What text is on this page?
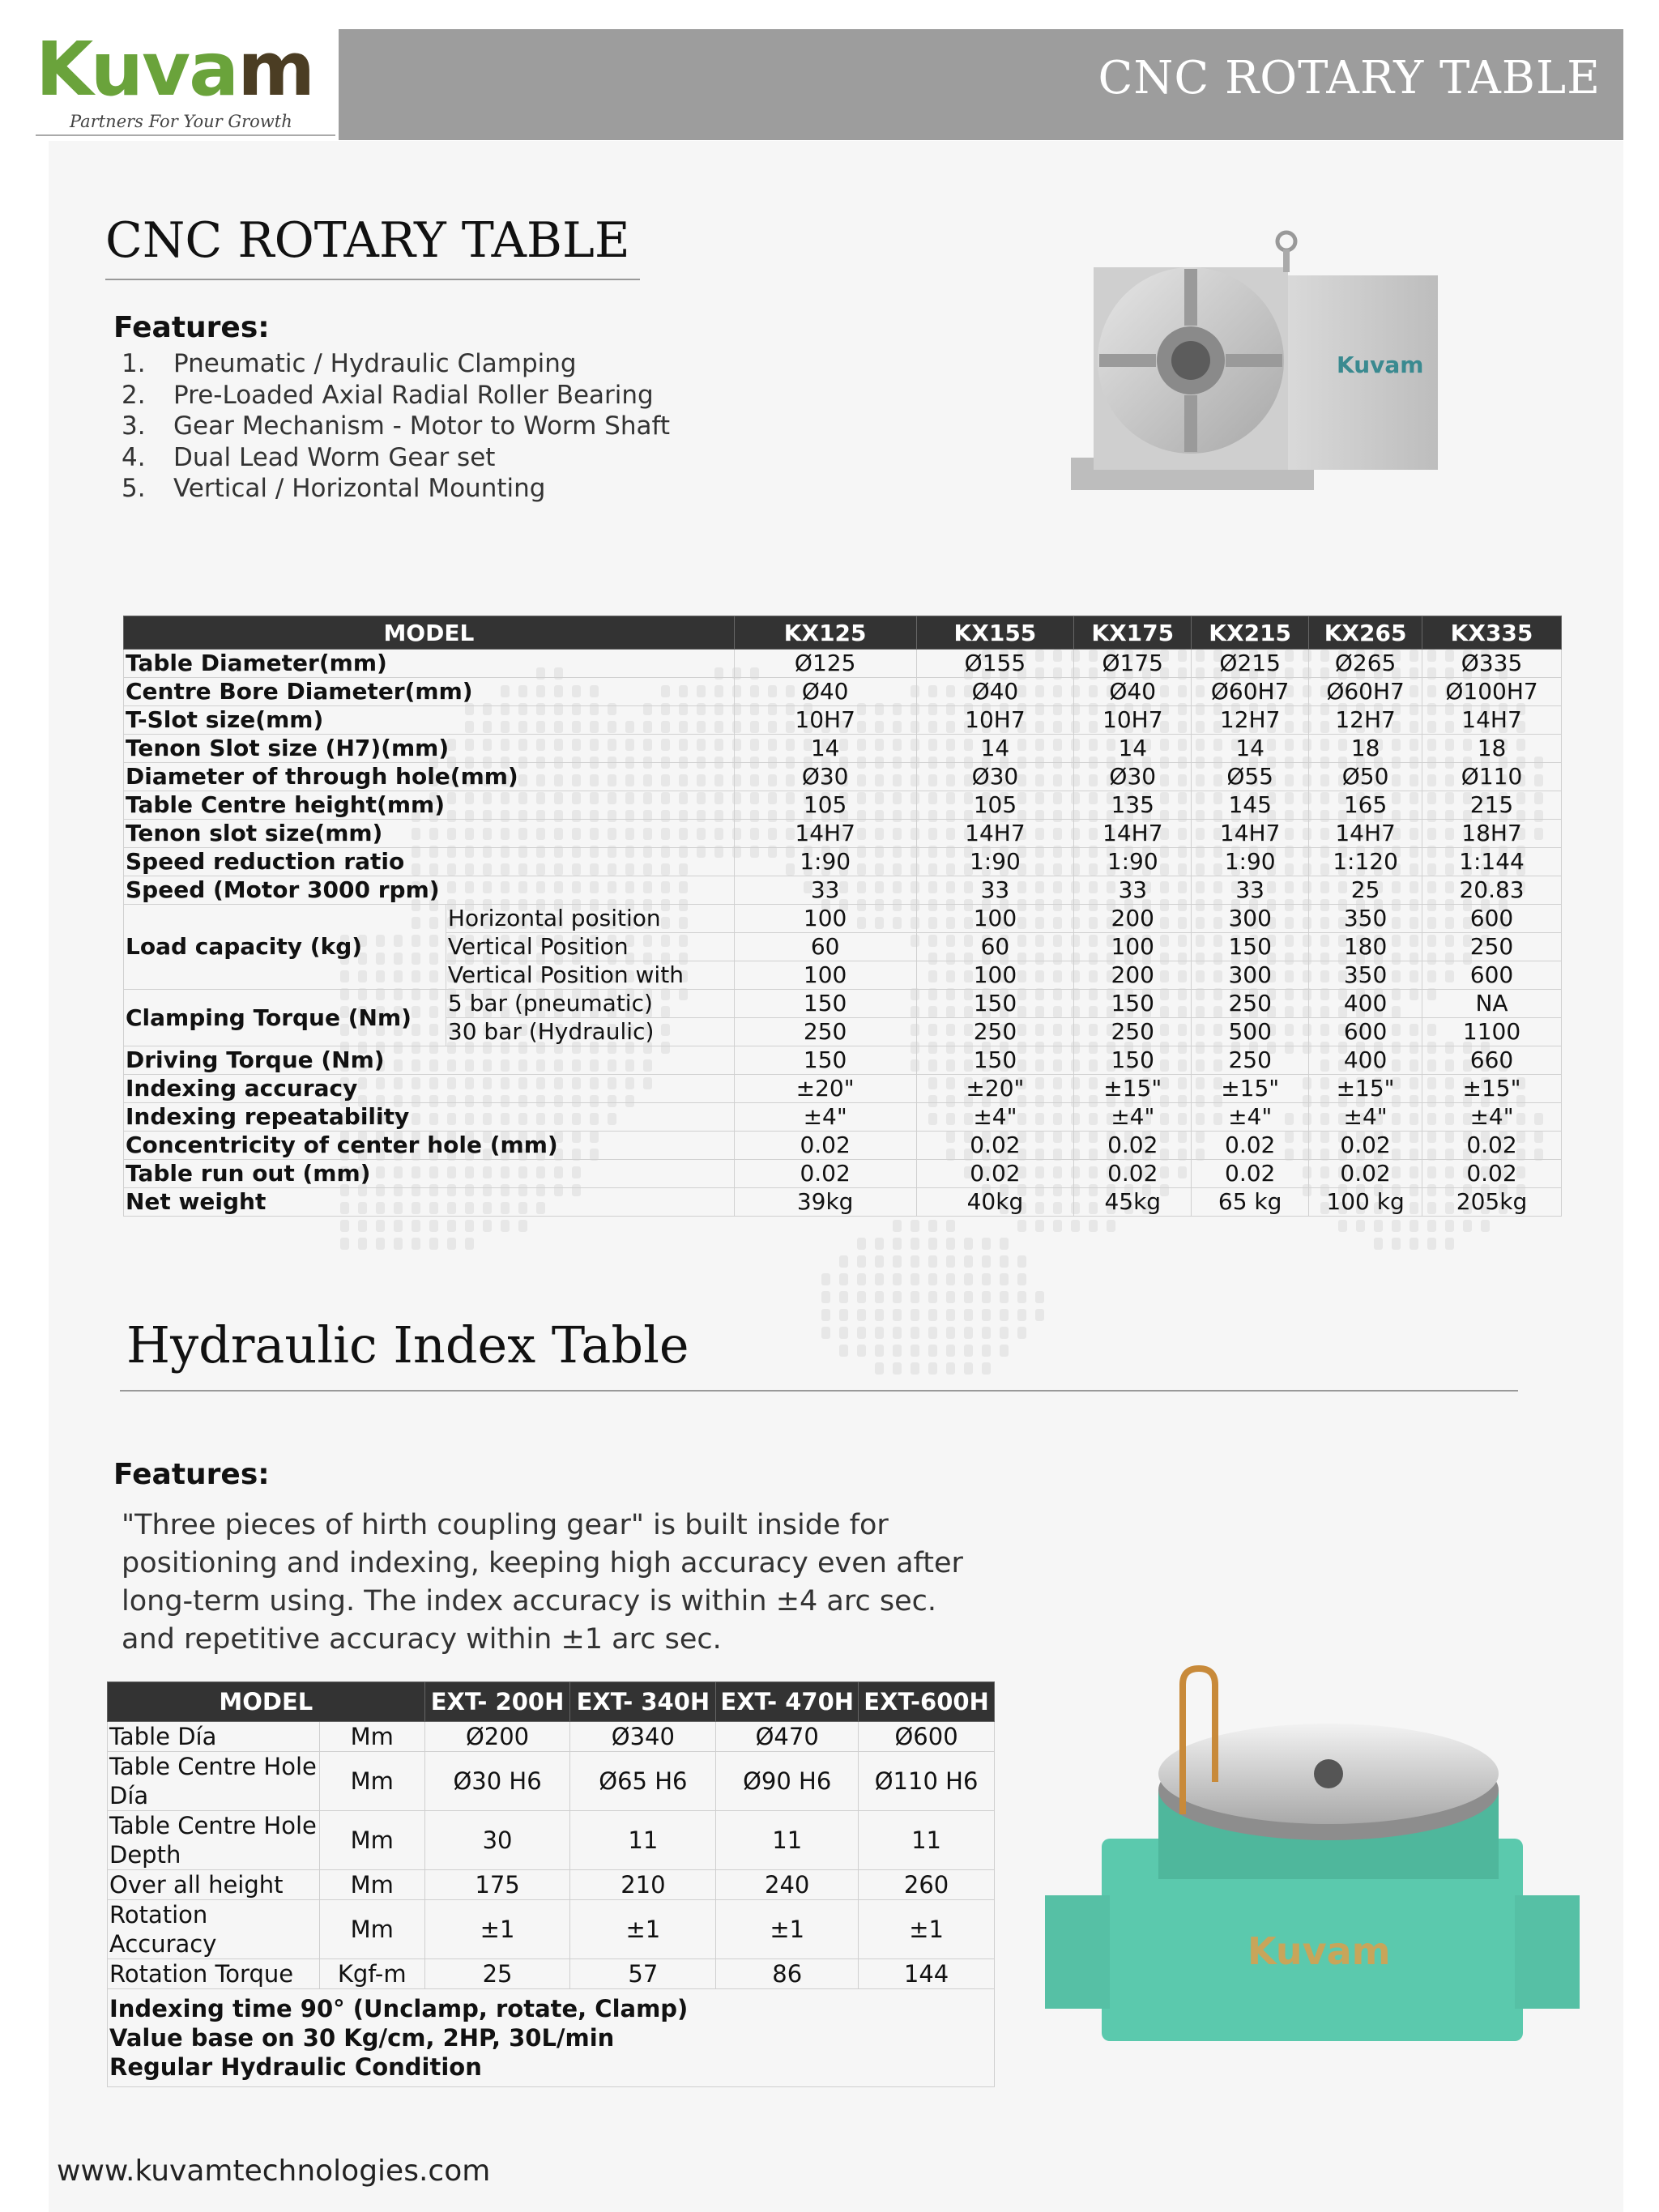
CNC ROTARY TABLE
Kuvam
Partners For Your Growth
CNC ROTARY TABLE
Features:
1. Pneumatic / Hydraulic Clamping
2. Pre-Loaded Axial Radial Roller Bearing
3. Gear Mechanism - Motor to Worm Shaft
4. Dual Lead Worm Gear set
5. Vertical / Horizontal Mounting
Kuvam
MODEL		KX125	KX155	KX175	KX215	KX265	KX335
Table Diameter(mm)		Ø125	Ø155	Ø175	Ø215	Ø265	Ø335
Centre Bore Diameter(mm)		Ø40	Ø40	Ø40	Ø60H7	Ø60H7	Ø100H7
T-Slot size(mm)		10H7	10H7	10H7	12H7	12H7	14H7
Tenon Slot size (H7)(mm)		14	14	14	14	18	18
Diameter of through hole(mm)		Ø30	Ø30	Ø30	Ø55	Ø50	Ø110
Table Centre height(mm)		105	105	135	145	165	215
Tenon slot size(mm)		14H7	14H7	14H7	14H7	14H7	18H7
Speed reduction ratio		1:90	1:90	1:90	1:90	1:120	1:144
Speed (Motor 3000 rpm)		33	33	33	33	25	20.83
Load capacity (kg)	Horizontal position	100	100	200	300	350	600
	Vertical Position	60	60	100	150	180	250
	Vertical Position with	100	100	200	300	350	600
Clamping Torque (Nm)	5 bar (pneumatic)	150	150	150	250	400	NA
	30 bar (Hydraulic)	250	250	250	500	600	1100
Driving Torque (Nm)		150	150	150	250	400	660
Indexing accuracy		±20"	±20"	±15"	±15"	±15"	±15"
Indexing repeatability		±4"	±4"	±4"	±4"	±4"	±4"
Concentricity of center hole (mm)		0.02	0.02	0.02	0.02	0.02	0.02
Table run out (mm)		0.02	0.02	0.02	0.02	0.02	0.02
Net weight		39kg	40kg	45kg	65 kg	100 kg	205kg
Hydraulic Index Table
Features:
"Three pieces of hirth coupling gear" is built inside for positioning and indexing, keeping high accuracy even after long-term using. The index accuracy is within ±4 arc sec. and repetitive accuracy within ±1 arc sec.
MODEL		EXT- 200H	EXT- 340H	EXT- 470H	EXT-600H
Table Día	Mm	Ø200	Ø340	Ø470	Ø600
Table Centre Hole Día	Mm	Ø30 H6	Ø65 H6	Ø90 H6	Ø110 H6
Table Centre Hole Depth	Mm	30	11	11	11
Over all height	Mm	175	210	240	260
Rotation Accuracy	Mm	±1	±1	±1	±1
Rotation Torque	Kgf-m	25	57	86	144

Indexing time 90° (Unclamp, rotate, Clamp)
Value base on 30 Kg/cm, 2HP, 30L/min
Regular Hydraulic Condition					
Kuvam
www.kuvamtechnologies.com
